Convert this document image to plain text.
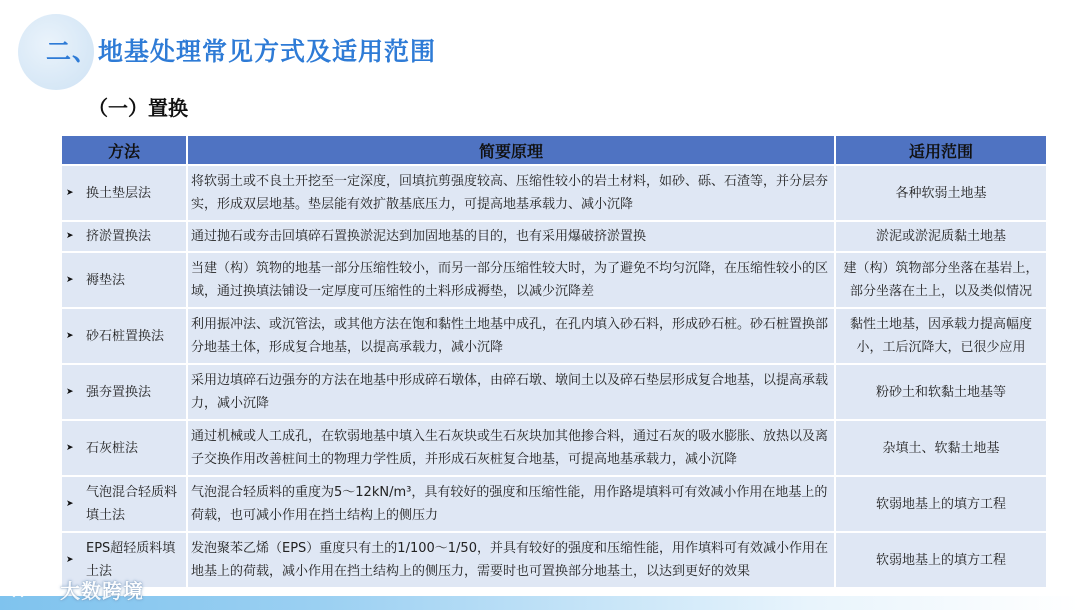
二、地基处理常见方式及适用范围
（一）置换
方法	简要原理	适用范围
➤ 换土垫层法	将软弱土或不良土开挖至一定深度，回填抗剪强度较高、压缩性较小的岩土材料，如砂、砾、石渣等，并分层夯实，形成双层地基。垫层能有效扩散基底压力，可提高地基承载力、减小沉降	各种软弱土地基
➤ 挤淤置换法	通过抛石或夯击回填碎石置换淤泥达到加固地基的目的，也有采用爆破挤淤置换	淤泥或淤泥质黏土地基
➤ 褥垫法	当建（构）筑物的地基一部分压缩性较小，而另一部分压缩性较大时，为了避免不均匀沉降，在压缩性较小的区域，通过换填法铺设一定厚度可压缩性的土料形成褥垫，以减少沉降差	建（构）筑物部分坐落在基岩上，部分坐落在土上，以及类似情况
➤ 砂石桩置换法	利用振冲法、或沉管法，或其他方法在饱和黏性土地基中成孔，在孔内填入砂石料，形成砂石桩。砂石桩置换部分地基土体，形成复合地基，以提高承载力，减小沉降	黏性土地基，因承载力提高幅度小，工后沉降大，已很少应用
➤ 强夯置换法	采用边填碎石边强夯的方法在地基中形成碎石墩体，由碎石墩、墩间土以及碎石垫层形成复合地基，以提高承载力，减小沉降	粉砂土和软黏土地基等
➤ 石灰桩法	通过机械或人工成孔，在软弱地基中填入生石灰块或生石灰块加其他掺合料，通过石灰的吸水膨胀、放热以及离子交换作用改善桩间土的物理力学性质，并形成石灰桩复合地基，可提高地基承载力，减小沉降	杂填土、软黏土地基
➤气泡混合轻质料填土法	气泡混合轻质料的重度为5～12kN/m³，具有较好的强度和压缩性能，用作路堤填料可有效减小作用在地基上的荷载，也可减小作用在挡土结构上的侧压力	软弱地基上的填方工程
➤EPS超轻质料填土法	发泡聚苯乙烯（EPS）重度只有土的1/100～1/50，并具有较好的强度和压缩性能，用作填料可有效减小作用在地基上的荷载，减小作用在挡土结构上的侧压力，需要时也可置换部分地基土，以达到更好的效果	软弱地基上的填方工程
大数跨境
